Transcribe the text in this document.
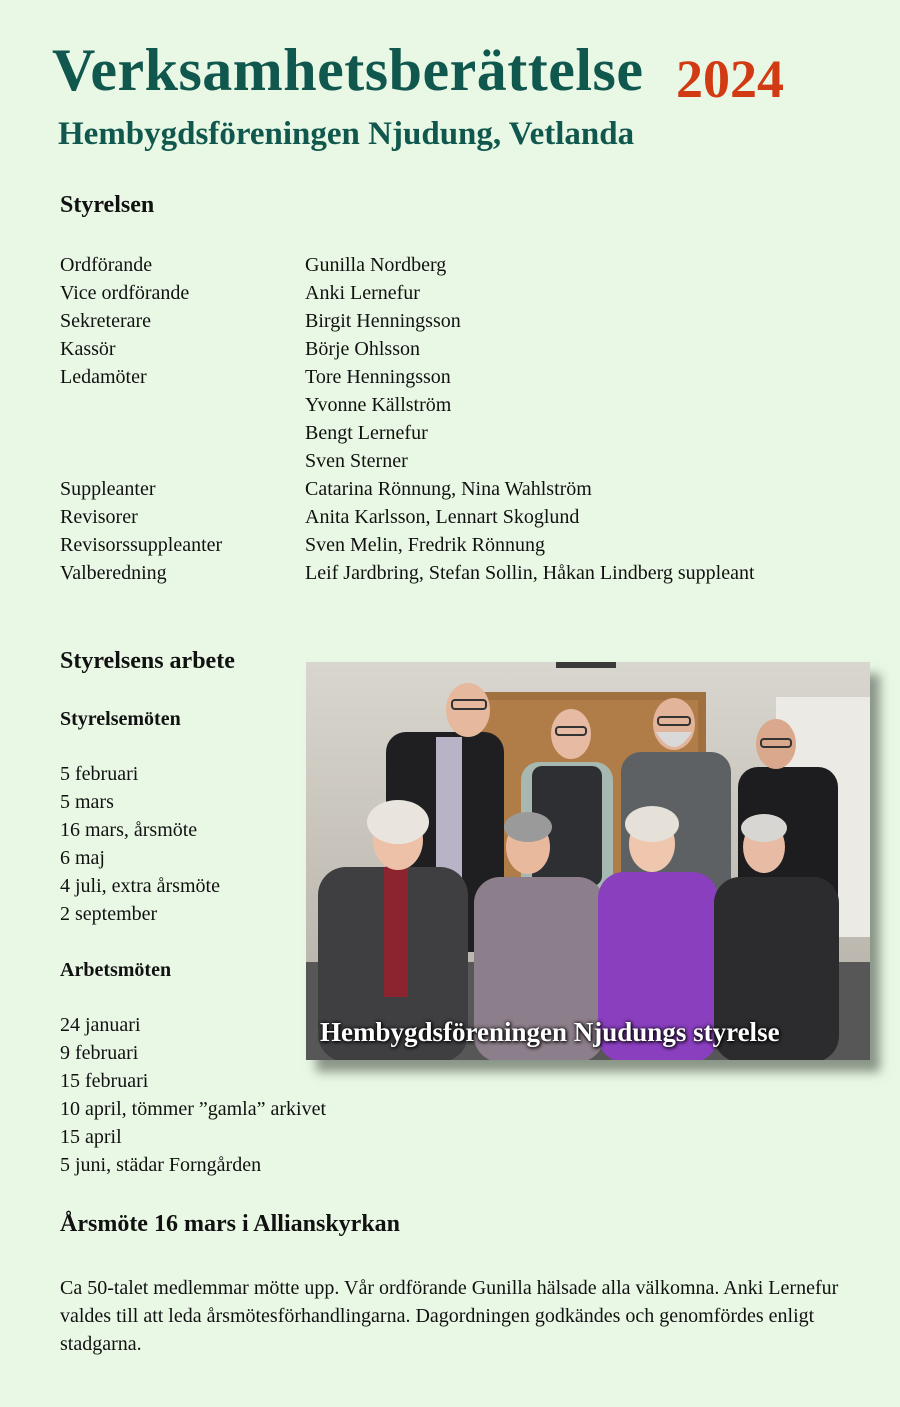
Verksamhetsberättelse 2024
Hembygdsföreningen Njudung, Vetlanda
Styrelsen
Ordförande	Gunilla Nordberg
Vice ordförande	Anki Lernefur
Sekreterare	Birgit Henningsson
Kassör	Börje Ohlsson
Ledamöter	Tore Henningsson
Yvonne Källström
Bengt Lernefur
Sven Sterner
Suppleanter	Catarina Rönnung, Nina Wahlström
Revisorer	Anita Karlsson, Lennart Skoglund
Revisorssuppleanter	Sven Melin, Fredrik Rönnung
Valberedning	Leif Jardbring, Stefan Sollin, Håkan Lindberg suppleant
Styrelsens arbete
Styrelsemöten
5 februari
5 mars
16 mars, årsmöte
6 maj
4 juli, extra årsmöte
2 september
Arbetsmöten
24 januari
9 februari
15 februari
10 april, tömmer ”gamla” arkivet
15 april
5 juni, städar Forngården
Hembygdsföreningen Njudungs styrelse
Årsmöte 16 mars i Allianskyrkan

Ca 50-talet medlemmar mötte upp. Vår ordförande Gunilla hälsade alla välkomna. Anki Lernefur valdes till att leda årsmötesförhandlingarna. Dagordningen godkändes och genomfördes enligt stadgarna.
